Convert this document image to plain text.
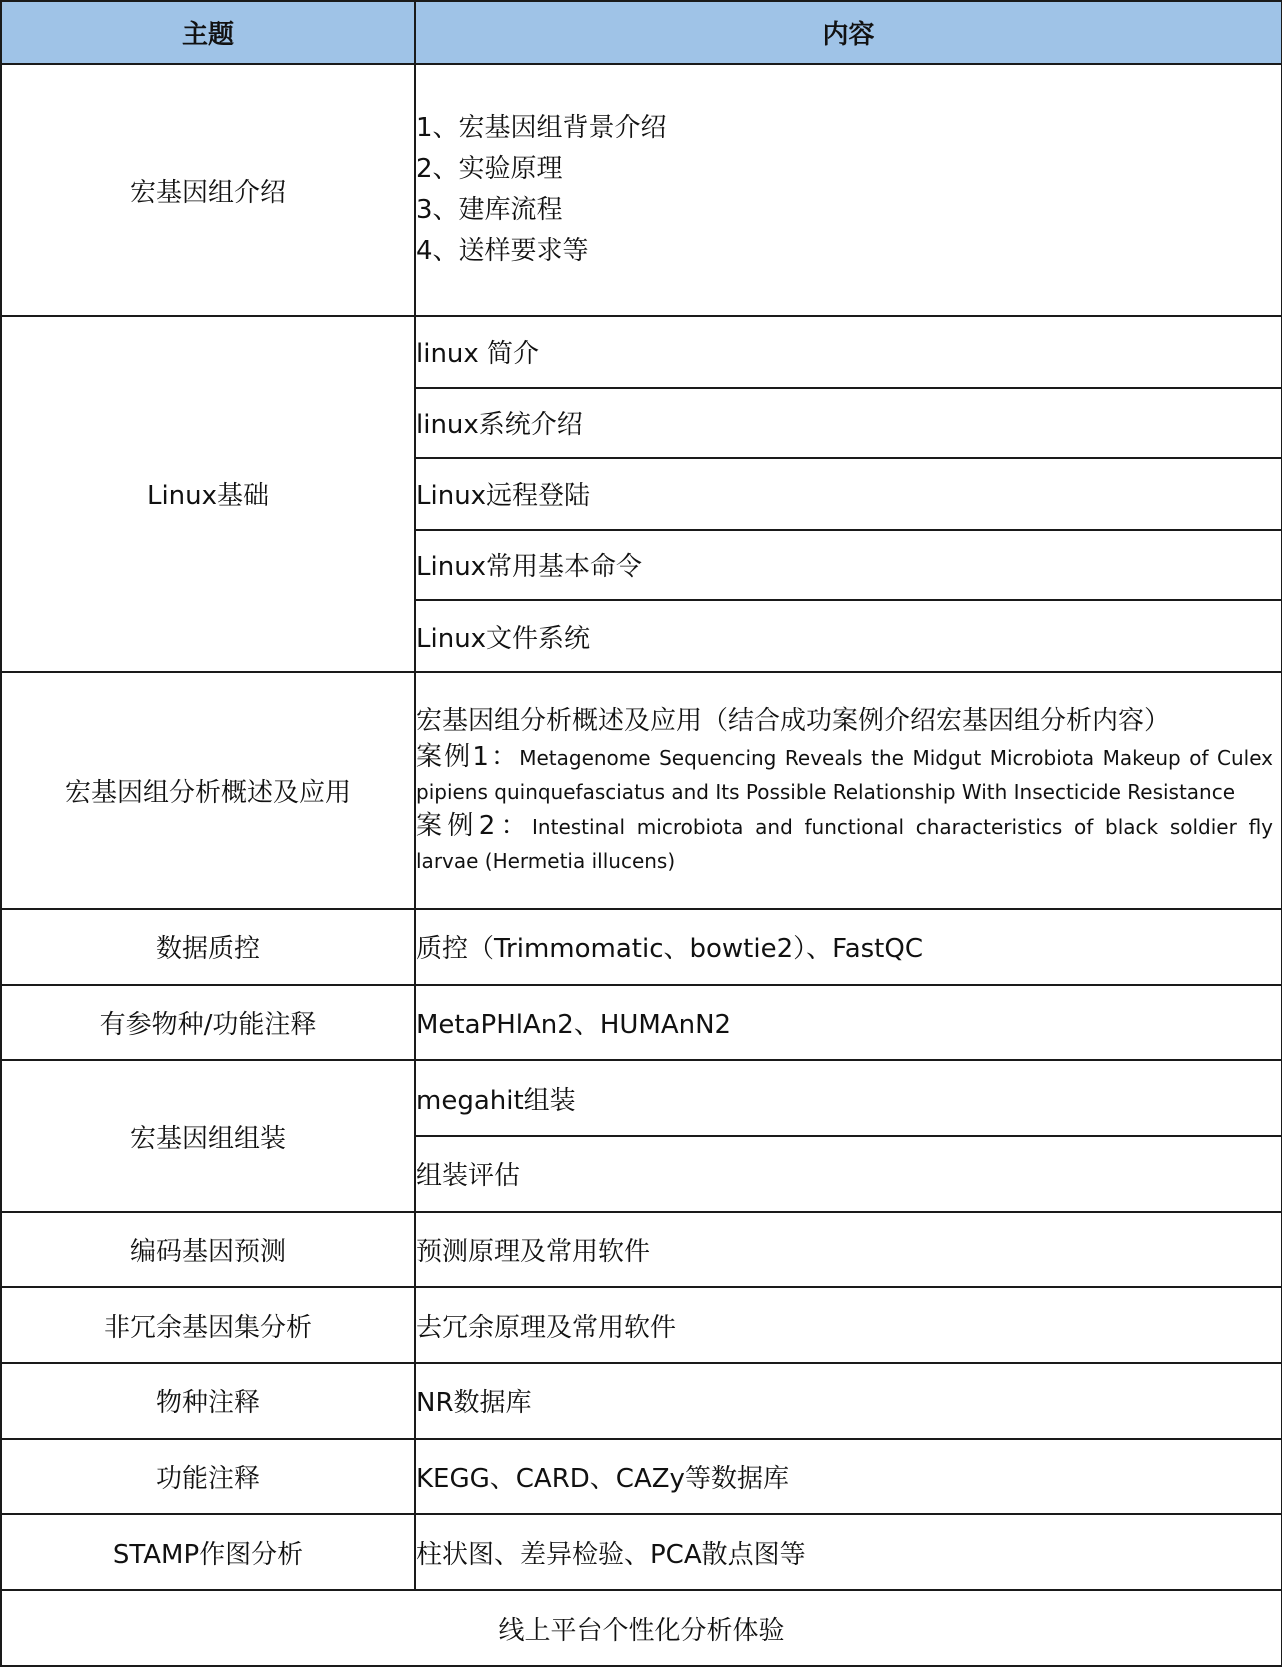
主题	内容
宏基因组介绍	1、宏基因组背景介绍
2、实验原理
3、建库流程
4、送样要求等

Linux基础	linux 简介
	linux系统介绍
	Linux远程登陆
	Linux常用基本命令
	Linux文件系统
宏基因组分析概述及应用	宏基因组分析概述及应用（结合成功案例介绍宏基因组分析内容）
案例1：Metagenome Sequencing Reveals the Midgut Microbiota Makeup of Culex pipiens quinquefasciatus and Its Possible Relationship With Insecticide Resistance
案例2：Intestinal microbiota and functional characteristics of black soldier fly larvae (Hermetia illucens)

数据质控	质控（Trimmomatic、bowtie2）、FastQC
有参物种/功能注释	MetaPHlAn2、HUMAnN2
宏基因组组装	megahit组装
	组装评估
编码基因预测	预测原理及常用软件
非冗余基因集分析	去冗余原理及常用软件
物种注释	NR数据库
功能注释	KEGG、CARD、CAZy等数据库
STAMP作图分析	柱状图、差异检验、PCA散点图等
线上平台个性化分析体验	
